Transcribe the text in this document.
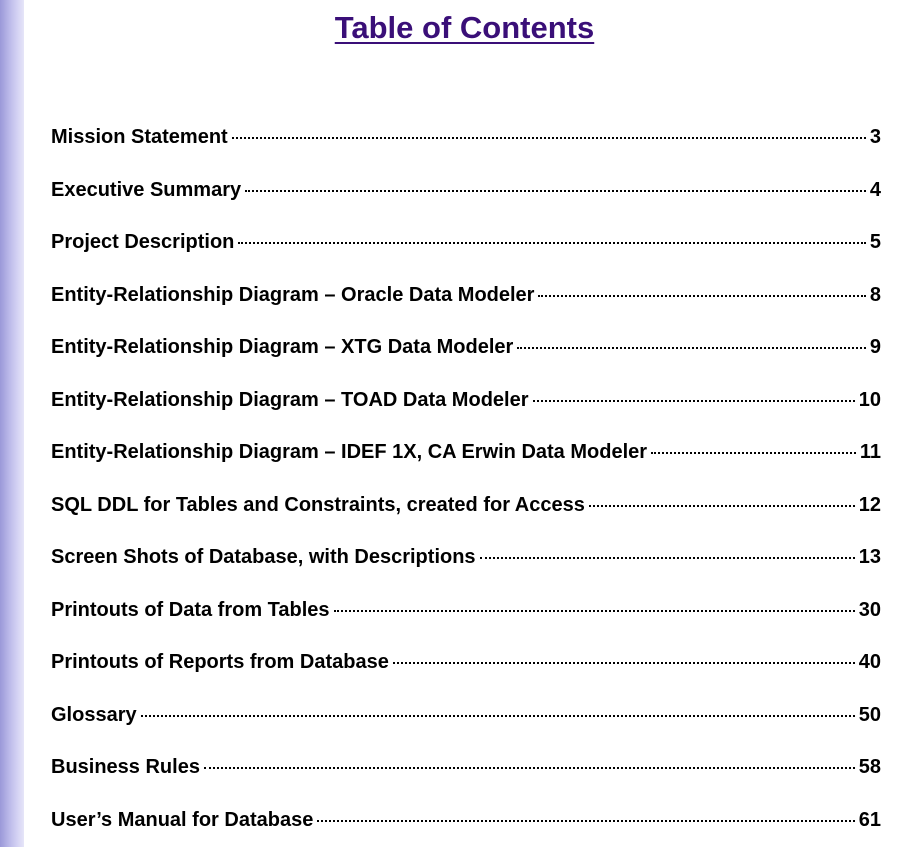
Table of Contents
Mission Statement	3
Executive Summary	4
Project Description	5
Entity-Relationship Diagram – Oracle Data Modeler	8
Entity-Relationship Diagram – XTG Data Modeler	9
Entity-Relationship Diagram – TOAD Data Modeler	10
Entity-Relationship Diagram – IDEF 1X, CA Erwin Data Modeler	11
SQL DDL for Tables and Constraints, created for Access	12
Screen Shots of Database, with Descriptions	13
Printouts of Data from Tables	30
Printouts of Reports from Database	40
Glossary	50
Business Rules	58
User’s Manual for Database	61
